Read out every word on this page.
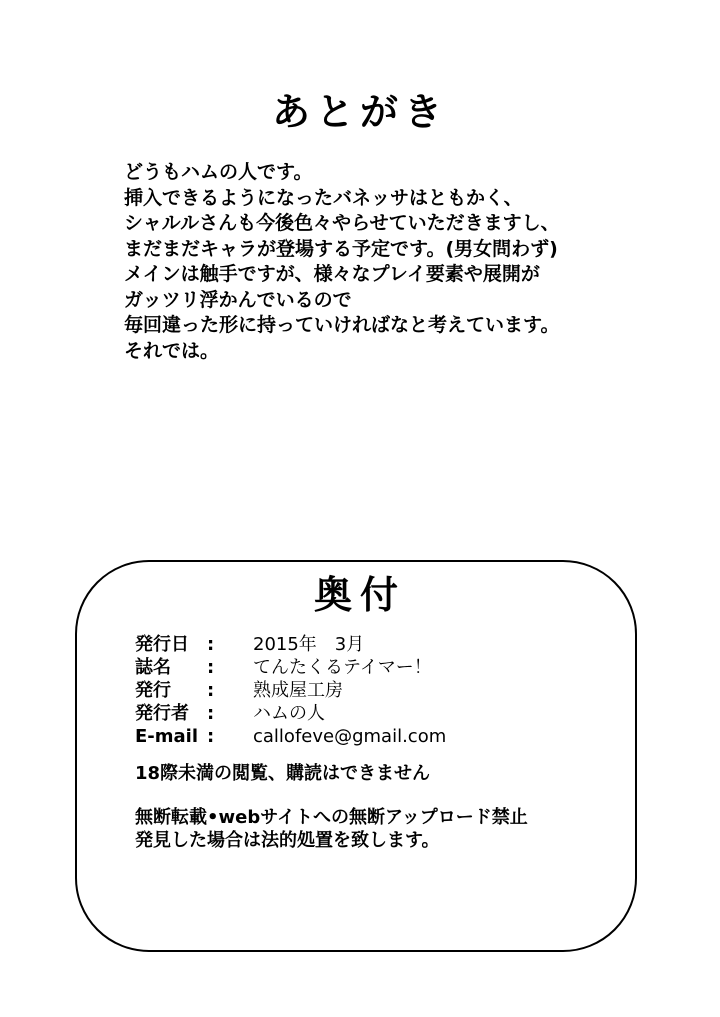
あとがき
どうもハムの人です。
挿入できるようになったバネッサはともかく、
シャルルさんも今後色々やらせていただきますし、
まだまだキャラが登場する予定です。(男女問わず)
メインは触手ですが、様々なプレイ要素や展開が
ガッツリ浮かんでいるので
毎回違った形に持っていければなと考えています。
それでは。
奥付
発行日	:	2015年　3月
誌名	:	てんたくるテイマー！
発行	:	熟成屋工房
発行者	:	ハムの人
E-mail :	callofeve@gmail.com
18際未満の閲覧、購読はできません
無断転載•webサイトへの無断アップロード禁止
発見した場合は法的処置を致します。
